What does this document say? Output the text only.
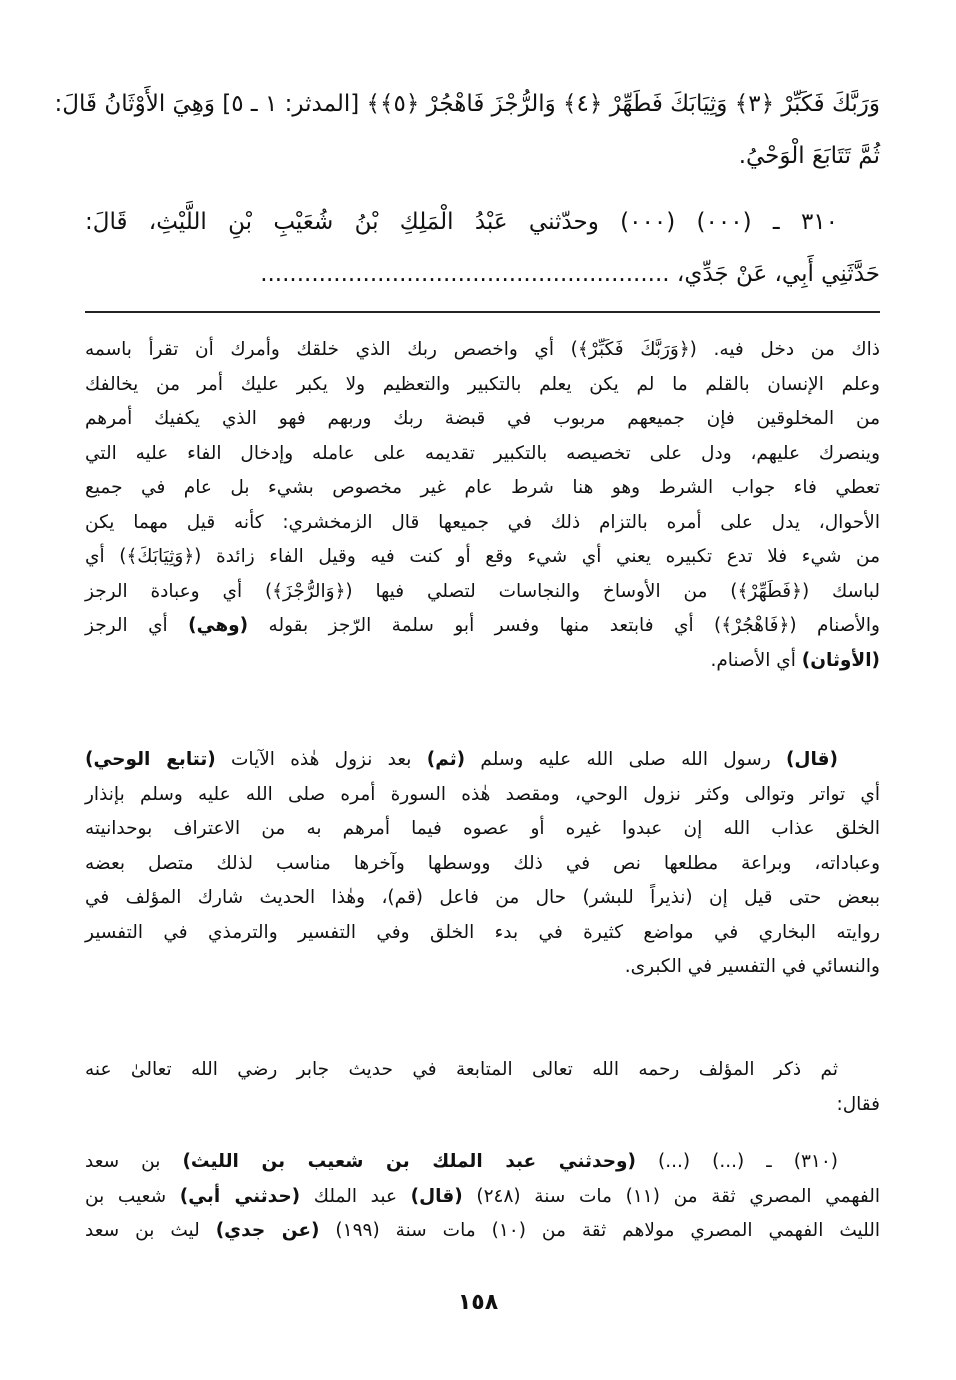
وَرَبَّكَ فَكَبِّرْ ﴿٣﴾ وَثِيَابَكَ فَطَهِّرْ ﴿٤﴾ وَالرُّجْزَ فَاهْجُرْ ﴿٥﴾﴾ [المدثر: ١ ـ ٥] وَهِيَ الأَوْثَانُ قَالَ:
ثُمَّ تَتَابَعَ الْوَحْيُ.
٣١٠ ـ (٠٠٠) (٠٠٠) وحدّثني عَبْدُ الْمَلِكِ بْنُ شُعَيْبِ بْنِ اللَّيْثِ، قَالَ:
حَدَّثَنِي أَبِي، عَنْ جَدِّي، ........................................................
ذاك من دخل فيه. (﴿وَرَبَّكَ فَكَبِّرْ﴾) أي واخصص ربك الذي خلقك وأمرك أن تقرأ باسمه
وعلم الإنسان بالقلم ما لم يكن يعلم بالتكبير والتعظيم ولا يكبر عليك أمر من يخالفك
من المخلوقين فإن جميعهم مربوب في قبضة ربك وربهم فهو الذي يكفيك أمرهم
وينصرك عليهم، ودل على تخصيصه بالتكبير تقديمه على عامله وإدخال الفاء عليه التي
تعطي فاء جواب الشرط وهو هنا شرط عام غير مخصوص بشيء بل عام في جميع
الأحوال، يدل على أمره بالتزام ذلك في جميعها قال الزمخشري: كأنه قيل مهما يكن
من شيء فلا تدع تكبيره يعني أي شيء وقع أو كنت فيه وقيل الفاء زائدة (﴿وَثِيَابَكَ﴾) أي
لباسك (﴿فَطَهِّرْ﴾) من الأوساخ والنجاسات لتصلي فيها (﴿وَالرُّجْزَ﴾) أي وعبادة الرجز
والأصنام (﴿فَاهْجُرْ﴾) أي فابتعد منها وفسر أبو سلمة الرّجز بقوله (وهي) أي الرجز
(الأوثان) أي الأصنام.
(قال) رسول الله صلى الله عليه وسلم (ثم) بعد نزول هٰذه الآيات (تتابع الوحي)
أي تواتر وتوالى وكثر نزول الوحي، ومقصد هٰذه السورة أمره صلى الله عليه وسلم بإنذار
الخلق عذاب الله إن عبدوا غيره أو عصوه فيما أمرهم به من الاعتراف بوحدانيته
وعباداته، وبراعة مطلعها نص في ذلك ووسطها وآخرها مناسب لذلك متصل بعضه
ببعض حتى قيل إن (نذيراً للبشر) حال من فاعل (قم)، وهٰذا الحديث شارك المؤلف في
روايته البخاري في مواضع كثيرة في بدء الخلق وفي التفسير والترمذي في التفسير
والنسائي في التفسير في الكبرى.
ثم ذكر المؤلف رحمه الله تعالى المتابعة في حديث جابر رضي الله تعالىٰ عنه
فقال:
(٣١٠) ـ (...) (...) (وحدثني عبد الملك بن شعيب بن الليث) بن سعد
الفهمي المصري ثقة من (١١) مات سنة (٢٤٨) (قال) عبد الملك (حدثني أبي) شعيب بن
الليث الفهمي المصري مولاهم ثقة من (١٠) مات سنة (١٩٩) (عن جدي) ليث بن سعد
١٥٨
